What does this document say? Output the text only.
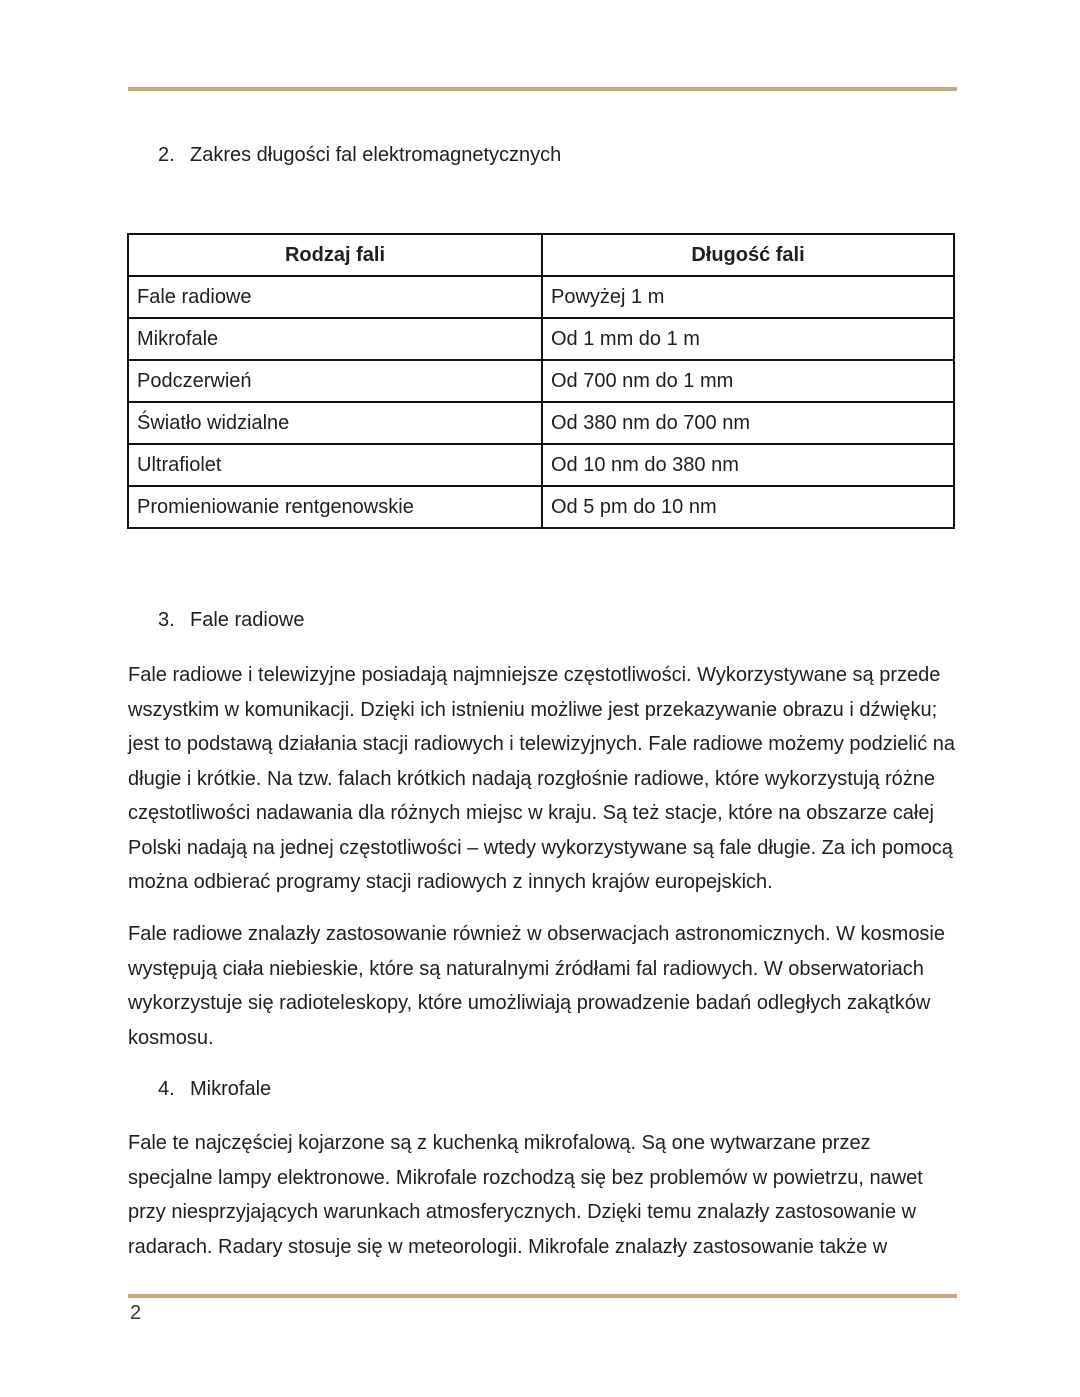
2. Zakres długości fal elektromagnetycznych
Rodzaj fali	Długość fali
Fale radiowe	Powyżej 1 m
Mikrofale	Od 1 mm do 1 m
Podczerwień	Od 700 nm do 1 mm
Światło widzialne	Od 380 nm do 700 nm
Ultrafiolet	Od 10 nm do 380 nm
Promieniowanie rentgenowskie	Od 5 pm do 10 nm
3. Fale radiowe

Fale radiowe i telewizyjne posiadają najmniejsze częstotliwości. Wykorzystywane są przede wszystkim w komunikacji. Dzięki ich istnieniu możliwe jest przekazywanie obrazu i dźwięku; jest to podstawą działania stacji radiowych i telewizyjnych. Fale radiowe możemy podzielić na długie i krótkie. Na tzw. falach krótkich nadają rozgłośnie radiowe, które wykorzystują różne częstotliwości nadawania dla różnych miejsc w kraju. Są też stacje, które na obszarze całej Polski nadają na jednej częstotliwości – wtedy wykorzystywane są fale długie. Za ich pomocą można odbierać programy stacji radiowych z innych krajów europejskich.

Fale radiowe znalazły zastosowanie również w obserwacjach astronomicznych. W kosmosie występują ciała niebieskie, które są naturalnymi źródłami fal radiowych. W obserwatoriach wykorzystuje się radioteleskopy, które umożliwiają prowadzenie badań odległych zakątków kosmosu.

4. Mikrofale

Fale te najczęściej kojarzone są z kuchenką mikrofalową. Są one wytwarzane przez specjalne lampy elektronowe. Mikrofale rozchodzą się bez problemów w powietrzu, nawet przy niesprzyjających warunkach atmosferycznych. Dzięki temu znalazły zastosowanie w radarach. Radary stosuje się w meteorologii. Mikrofale znalazły zastosowanie także w

2
